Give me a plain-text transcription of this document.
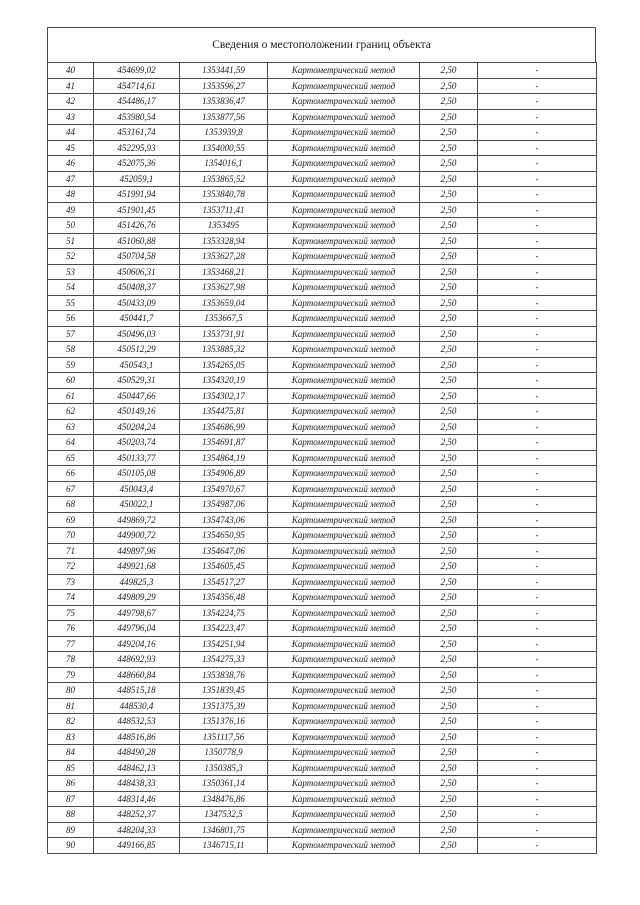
Сведения о местоположении границ объекта
40	454699,02	1353441,59	Картометрический метод	2,50	-
41	454714,61	1353596,27	Картометрический метод	2,50	-
42	454486,17	1353836,47	Картометрический метод	2,50	-
43	453980,54	1353877,56	Картометрический метод	2,50	-
44	453161,74	1353939,8	Картометрический метод	2,50	-
45	452295,93	1354000,55	Картометрический метод	2,50	-
46	452075,36	1354016,1	Картометрический метод	2,50	-
47	452059,1	1353865,52	Картометрический метод	2,50	-
48	451991,94	1353840,78	Картометрический метод	2,50	-
49	451901,45	1353711,41	Картометрический метод	2,50	-
50	451426,76	1353495	Картометрический метод	2,50	-
51	451060,88	1353328,94	Картометрический метод	2,50	-
52	450704,58	1353627,28	Картометрический метод	2,50	-
53	450606,31	1353468,21	Картометрический метод	2,50	-
54	450408,37	1353627,98	Картометрический метод	2,50	-
55	450433,09	1353659,04	Картометрический метод	2,50	-
56	450441,7	1353667,5	Картометрический метод	2,50	-
57	450496,03	1353731,91	Картометрический метод	2,50	-
58	450512,29	1353885,32	Картометрический метод	2,50	-
59	450543,1	1354265,05	Картометрический метод	2,50	-
60	450529,31	1354320,19	Картометрический метод	2,50	-
61	450447,66	1354302,17	Картометрический метод	2,50	-
62	450149,16	1354475,81	Картометрический метод	2,50	-
63	450204,24	1354686,99	Картометрический метод	2,50	-
64	450203,74	1354691,87	Картометрический метод	2,50	-
65	450133,77	1354864,19	Картометрический метод	2,50	-
66	450105,08	1354906,89	Картометрический метод	2,50	-
67	450043,4	1354970,67	Картометрический метод	2,50	-
68	450022,1	1354987,06	Картометрический метод	2,50	-
69	449869,72	1354743,06	Картометрический метод	2,50	-
70	449900,72	1354650,95	Картометрический метод	2,50	-
71	449897,96	1354647,06	Картометрический метод	2,50	-
72	449921,68	1354605,45	Картометрический метод	2,50	-
73	449825,3	1354517,27	Картометрический метод	2,50	-
74	449809,29	1354356,48	Картометрический метод	2,50	-
75	449798,67	1354224,75	Картометрический метод	2,50	-
76	449796,04	1354223,47	Картометрический метод	2,50	-
77	449204,16	1354251,94	Картометрический метод	2,50	-
78	448692,93	1354275,33	Картометрический метод	2,50	-
79	448660,84	1353838,76	Картометрический метод	2,50	-
80	448515,18	1351839,45	Картометрический метод	2,50	-
81	448530,4	1351375,39	Картометрический метод	2,50	-
82	448532,53	1351376,16	Картометрический метод	2,50	-
83	448516,86	1351117,56	Картометрический метод	2,50	-
84	448490,28	1350778,9	Картометрический метод	2,50	-
85	448462,13	1350385,3	Картометрический метод	2,50	-
86	448438,33	1350361,14	Картометрический метод	2,50	-
87	448314,46	1348476,86	Картометрический метод	2,50	-
88	448252,37	1347532,5	Картометрический метод	2,50	-
89	448204,33	1346801,75	Картометрический метод	2,50	-
90	449166,85	1346715,11	Картометрический метод	2,50	-
